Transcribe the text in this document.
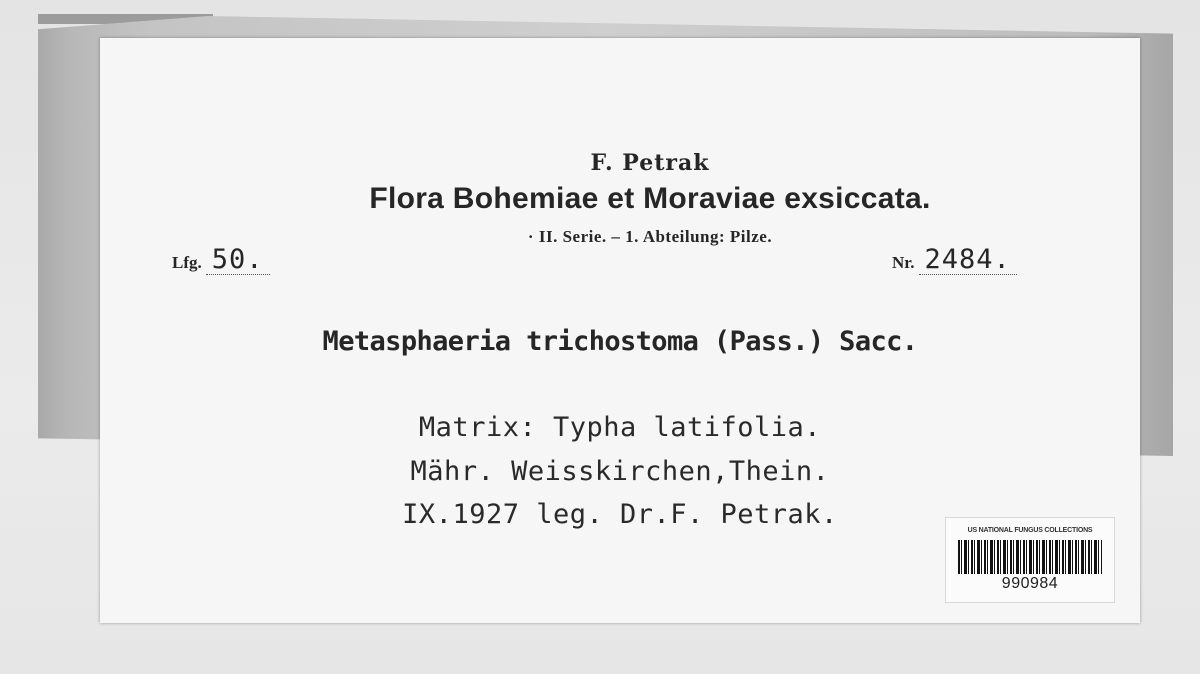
F. Petrak
Flora Bohemiae et Moraviae exsiccata.
· II. Serie. – 1. Abteilung: Pilze.
Lfg. 50.	Nr. 2484.
Metasphaeria trichostoma (Pass.) Sacc.
Matrix: Typha latifolia.
Mähr. Weisskirchen,Thein.
IX.1927 leg. Dr.F. Petrak.
US NATIONAL FUNGUS COLLECTIONS
990984
